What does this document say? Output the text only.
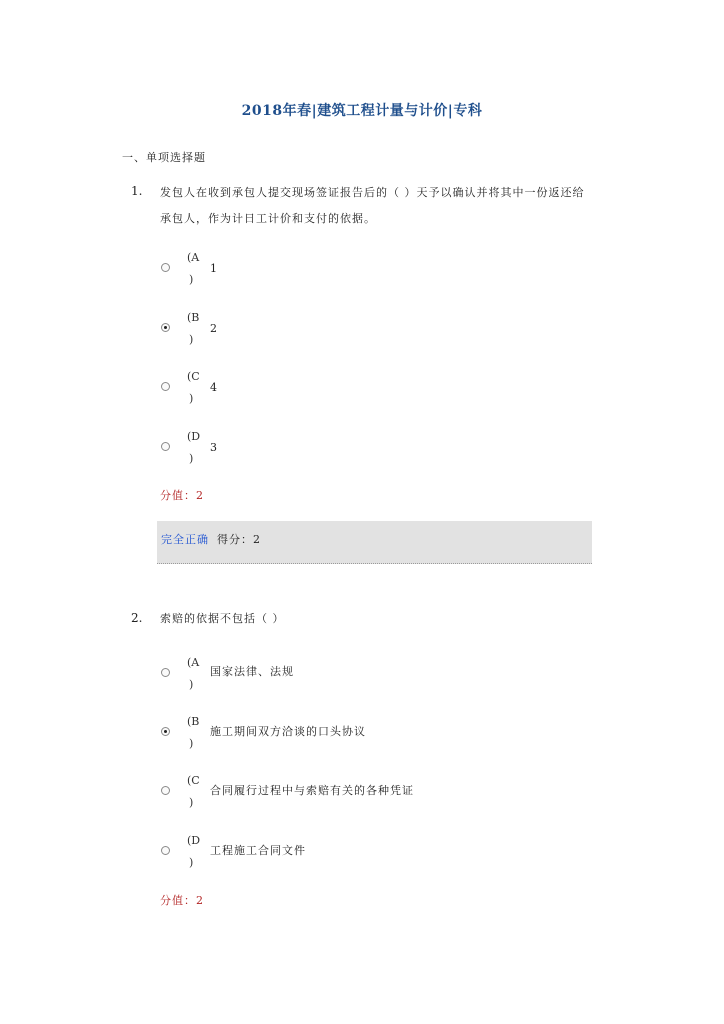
2018年春|建筑工程计量与计价|专科
一、单项选择题
1. 发包人在收到承包人提交现场签证报告后的（ ）天予以确认并将其中一份返还给
承包人，作为计日工计价和支付的依据。
(A
)
1
(B
)
2
(C
)
4
(D
)
3
分值：2
完全正确 得分：2
2. 索赔的依据不包括（ ）
(A
)
国家法律、法规
(B
)
施工期间双方洽谈的口头协议
(C
)
合同履行过程中与索赔有关的各种凭证
(D
)
工程施工合同文件
分值：2
